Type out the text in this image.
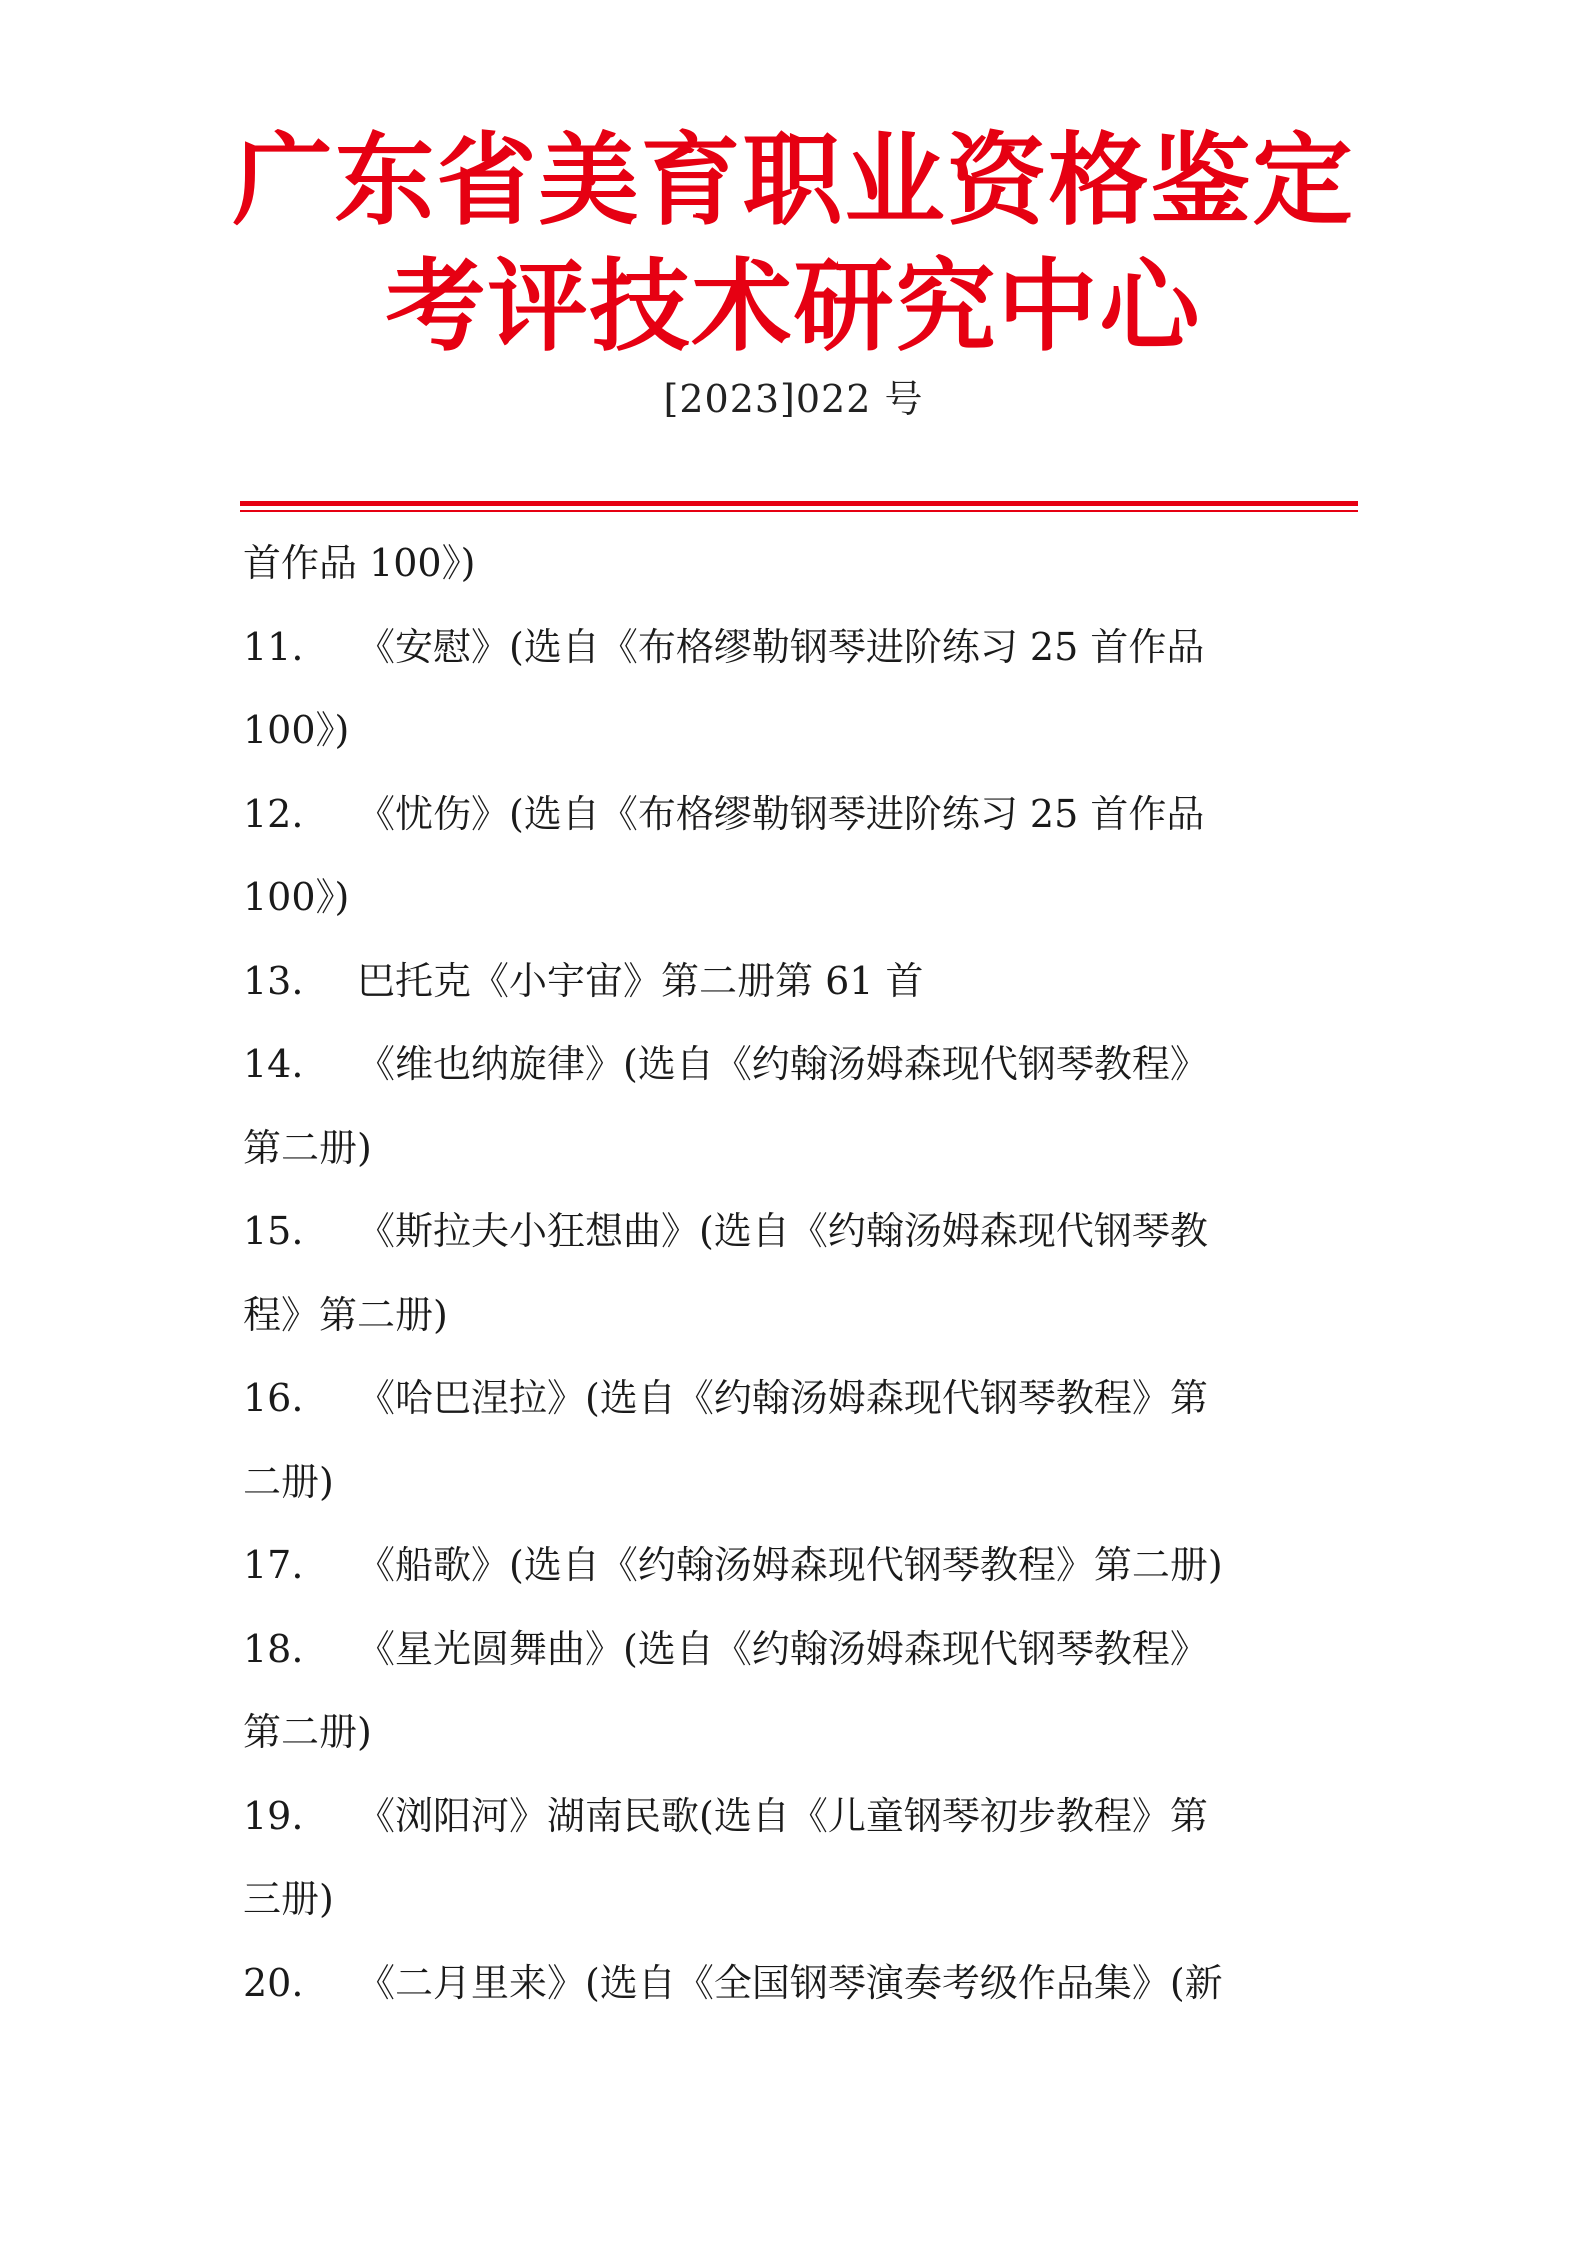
广东省美育职业资格鉴定
考评技术研究中心
[2023]022 号

首作品 100》)

11. 《安慰》(选自《布格缪勒钢琴进阶练习 25 首作品

100》)

12. 《忧伤》(选自《布格缪勒钢琴进阶练习 25 首作品

100》)

13. 巴托克《小宇宙》第二册第 61 首

14. 《维也纳旋律》(选自《约翰汤姆森现代钢琴教程》

第二册)

15. 《斯拉夫小狂想曲》(选自《约翰汤姆森现代钢琴教

程》第二册)

16. 《哈巴涅拉》(选自《约翰汤姆森现代钢琴教程》第

二册)

17. 《船歌》(选自《约翰汤姆森现代钢琴教程》第二册)

18. 《星光圆舞曲》(选自《约翰汤姆森现代钢琴教程》

第二册)

19. 《浏阳河》湖南民歌(选自《儿童钢琴初步教程》第

三册)

20. 《二月里来》(选自《全国钢琴演奏考级作品集》(新
